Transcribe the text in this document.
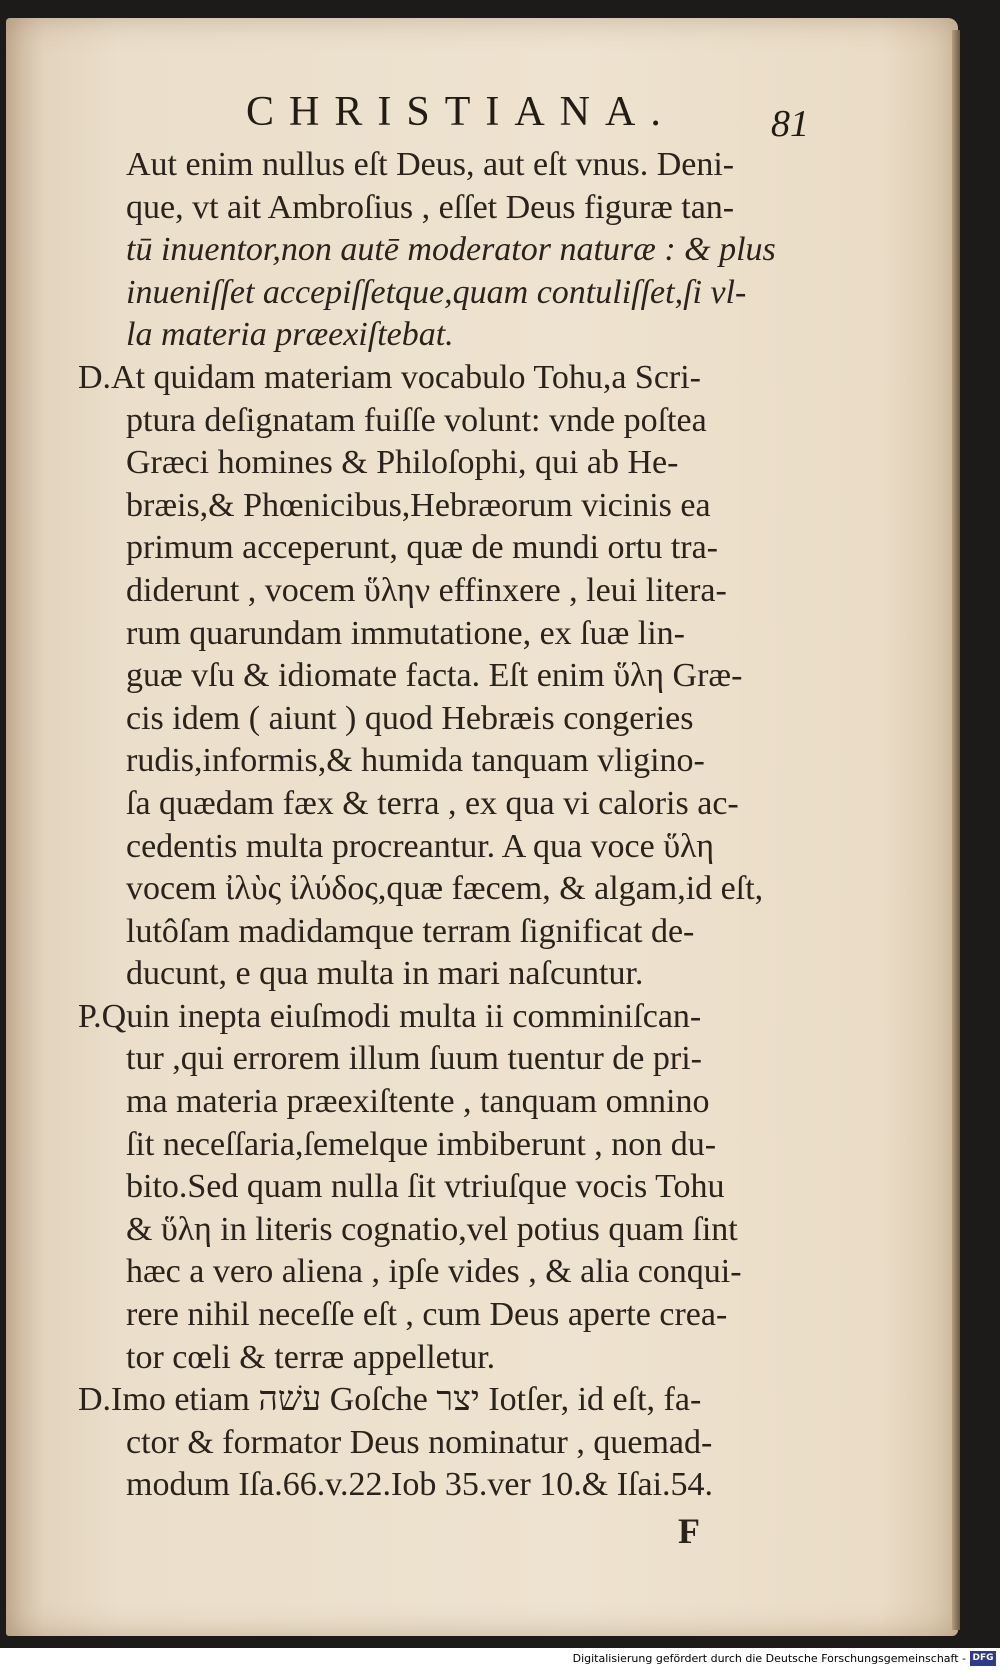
CHRISTIANA.	81
Aut enim nullus eſt Deus, aut eſt vnus. Deni-
que, vt ait Ambroſius , eſſet Deus figuræ tan-
tū inuentor,non autē moderator naturæ : & plus
inueniſſet accepiſſetque,quam contuliſſet,ſi vl-
la materia præexiſtebat.
D.At quidam materiam vocabulo Tohu,a Scri-
ptura deſignatam fuiſſe volunt: vnde poſtea
Græci homines & Philoſophi, qui ab He-
bræis,& Phœnicibus,Hebræorum vicinis ea
primum acceperunt, quæ de mundi ortu tra-
diderunt , vocem ὕλην effinxere , leui litera-
rum quarundam immutatione, ex ſuæ lin-
guæ vſu & idiomate facta. Eſt enim ὕλη Græ-
cis idem ( aiunt ) quod Hebræis congeries
rudis,informis,& humida tanquam vligino-
ſa quædam fæx & terra , ex qua vi caloris ac-
cedentis multa procreantur. A qua voce ὕλη
vocem ἰλὺς ἰλύδος,quæ fæcem, & algam,id eſt,
lutôſam madidamque terram ſignificat de-
ducunt, e qua multa in mari naſcuntur.
P.Quin inepta eiuſmodi multa ii comminiſcan-
tur ,qui errorem illum ſuum tuentur de pri-
ma materia præexiſtente , tanquam omnino
ſit neceſſaria,ſemelque imbiberunt , non du-
bito.Sed quam nulla ſit vtriuſque vocis Tohu
& ὕλη in literis cognatio,vel potius quam ſint
hæc a vero aliena , ipſe vides , & alia conqui-
rere nihil neceſſe eſt , cum Deus aperte crea-
tor cœli & terræ appelletur.
D.Imo etiam עשׁה Goſche יצר Iotſer, id eſt, fa-
ctor & formator Deus nominatur , quemad-
modum Iſa.66.v.22.Iob 35.ver 10.& Iſai.54.
F
Digitalisierung gefördert durch die Deutsche Forschungsgemeinschaft - DFG
